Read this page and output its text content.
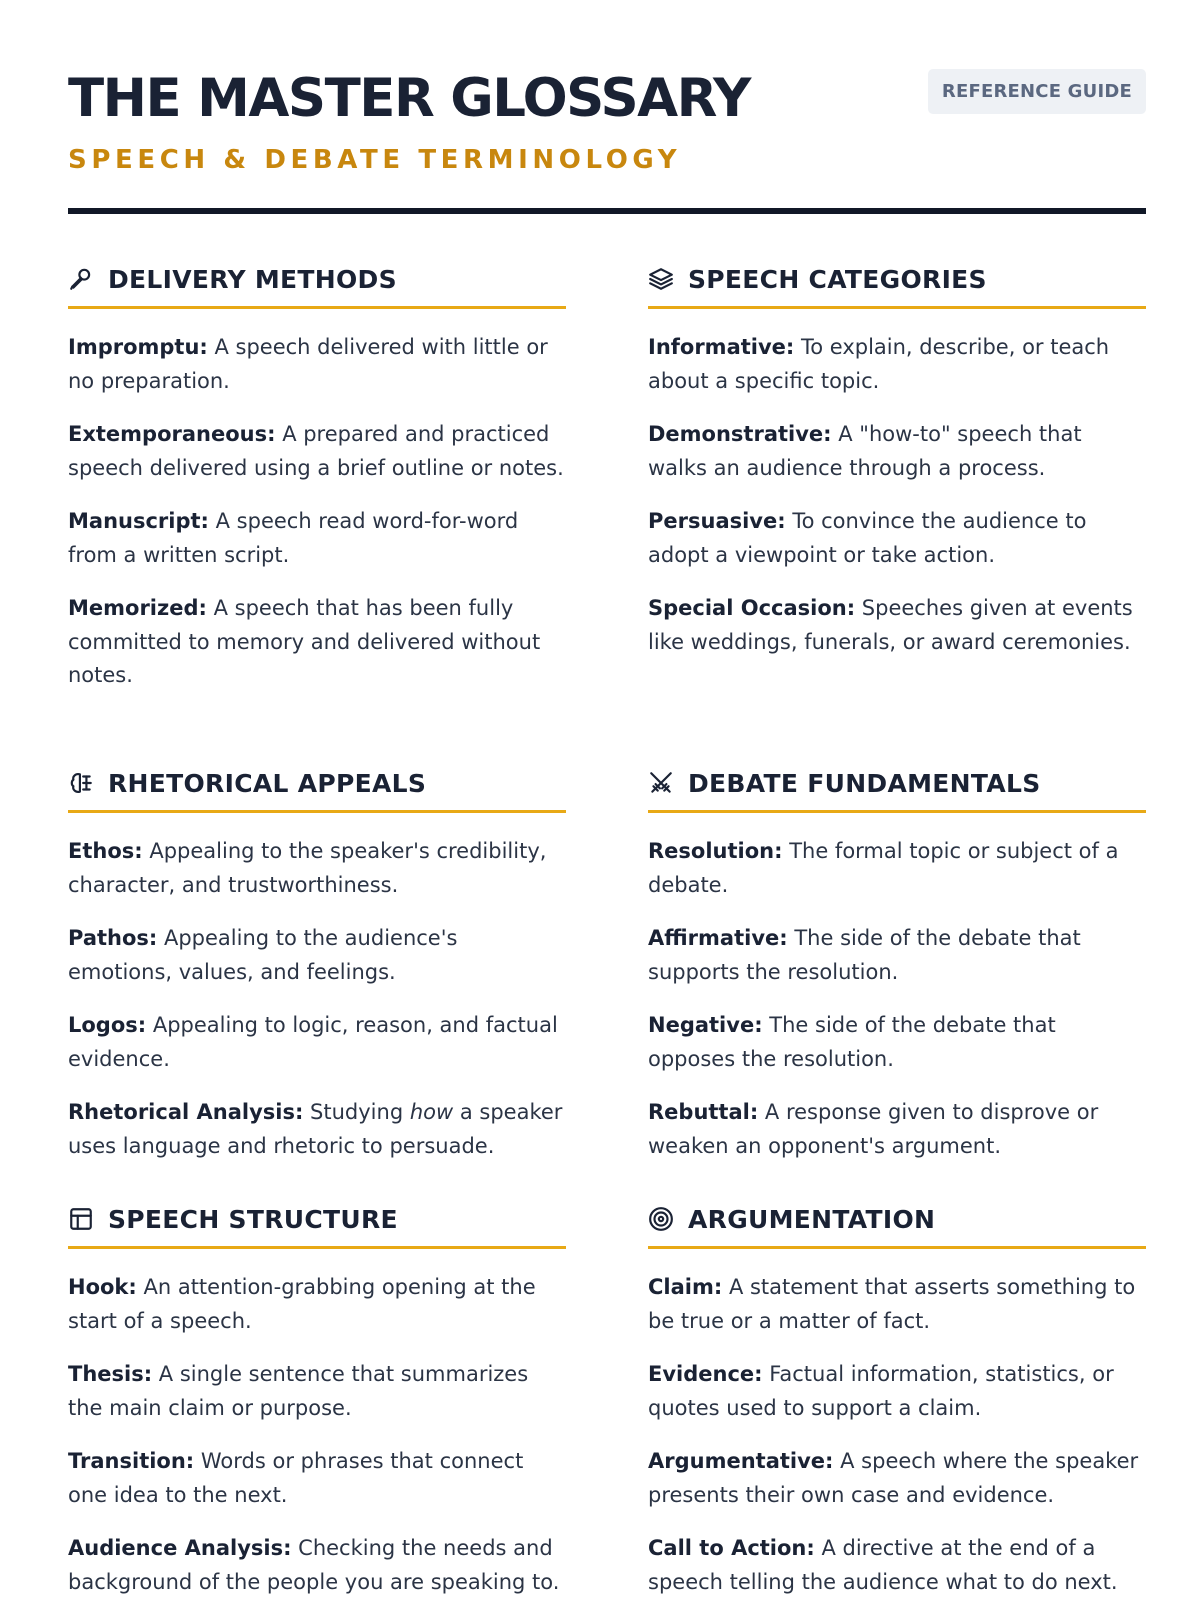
THE MASTER GLOSSARY
SPEECH & DEBATE TERMINOLOGY
REFERENCE GUIDE
DELIVERY METHODS
Impromptu: A speech delivered with little or no preparation.
Extemporaneous: A prepared and practiced speech delivered using a brief outline or notes.
Manuscript: A speech read word-for-word from a written script.
Memorized: A speech that has been fully committed to memory and delivered without notes.
SPEECH CATEGORIES
Informative: To explain, describe, or teach about a specific topic.
Demonstrative: A "how-to" speech that walks an audience through a process.
Persuasive: To convince the audience to adopt a viewpoint or take action.
Special Occasion: Speeches given at events like weddings, funerals, or award ceremonies.
RHETORICAL APPEALS
Ethos: Appealing to the speaker's credibility, character, and trustworthiness.
Pathos: Appealing to the audience's emotions, values, and feelings.
Logos: Appealing to logic, reason, and factual evidence.
Rhetorical Analysis: Studying how a speaker uses language and rhetoric to persuade.
DEBATE FUNDAMENTALS
Resolution: The formal topic or subject of a debate.
Affirmative: The side of the debate that supports the resolution.
Negative: The side of the debate that opposes the resolution.
Rebuttal: A response given to disprove or weaken an opponent's argument.
SPEECH STRUCTURE
Hook: An attention-grabbing opening at the start of a speech.
Thesis: A single sentence that summarizes the main claim or purpose.
Transition: Words or phrases that connect one idea to the next.
Audience Analysis: Checking the needs and background of the people you are speaking to.
ARGUMENTATION
Claim: A statement that asserts something to be true or a matter of fact.
Evidence: Factual information, statistics, or quotes used to support a claim.
Argumentative: A speech where the speaker presents their own case and evidence.
Call to Action: A directive at the end of a speech telling the audience what to do next.
